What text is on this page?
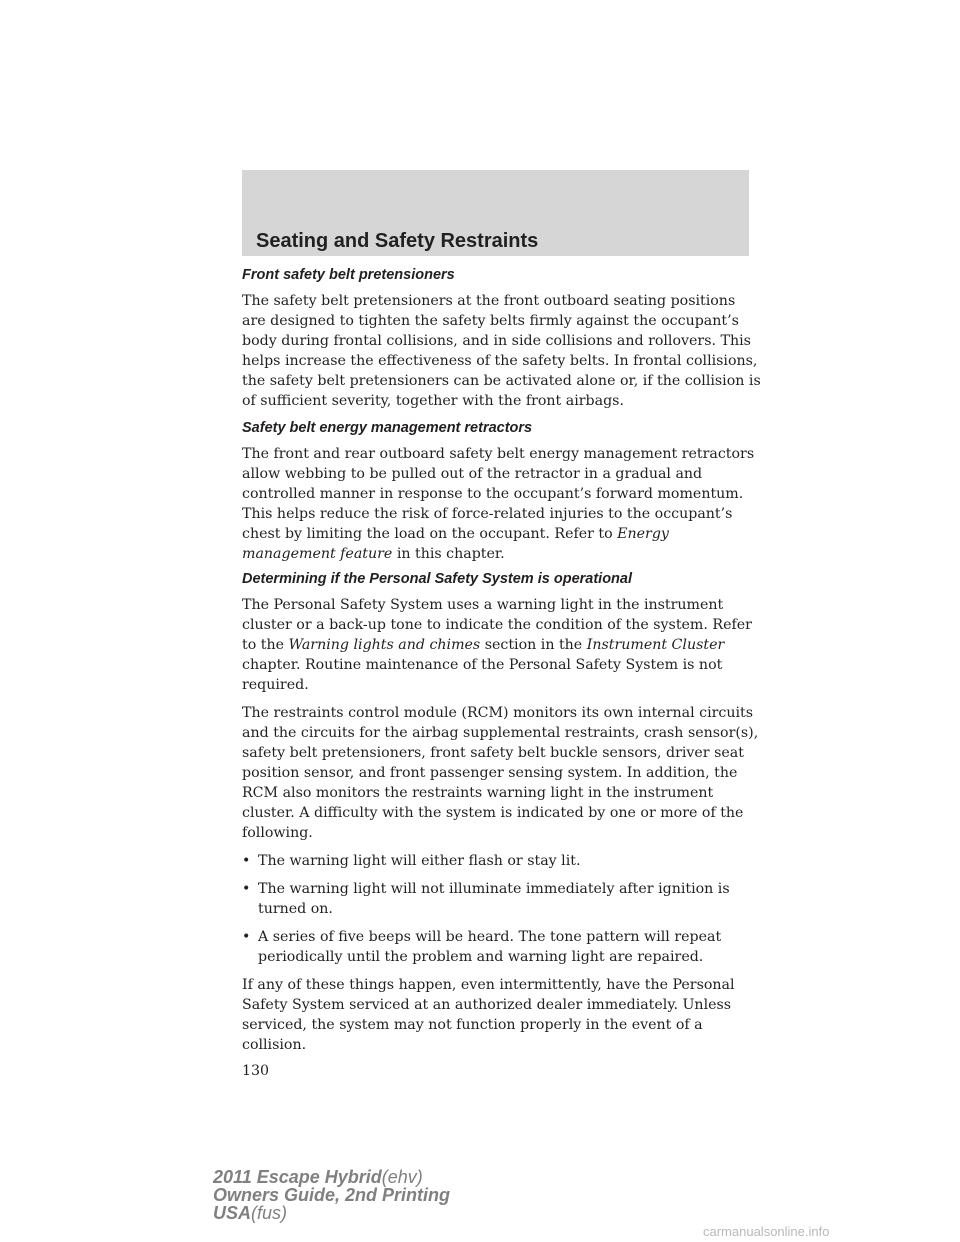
Seating and Safety Restraints
Front safety belt pretensioners

The safety belt pretensioners at the front outboard seating positions are designed to tighten the safety belts firmly against the occupant’s body during frontal collisions, and in side collisions and rollovers. This helps increase the effectiveness of the safety belts. In frontal collisions, the safety belt pretensioners can be activated alone or, if the collision is of sufficient severity, together with the front airbags.

Safety belt energy management retractors

The front and rear outboard safety belt energy management retractors allow webbing to be pulled out of the retractor in a gradual and controlled manner in response to the occupant’s forward momentum. This helps reduce the risk of force-related injuries to the occupant’s chest by limiting the load on the occupant. Refer to Energy management feature in this chapter.

Determining if the Personal Safety System is operational

The Personal Safety System uses a warning light in the instrument cluster or a back-up tone to indicate the condition of the system. Refer to the Warning lights and chimes section in the Instrument Cluster chapter. Routine maintenance of the Personal Safety System is not required.

The restraints control module (RCM) monitors its own internal circuits and the circuits for the airbag supplemental restraints, crash sensor(s), safety belt pretensioners, front safety belt buckle sensors, driver seat position sensor, and front passenger sensing system. In addition, the RCM also monitors the restraints warning light in the instrument cluster. A difficulty with the system is indicated by one or more of the following.

• The warning light will either flash or stay lit.
• The warning light will not illuminate immediately after ignition is turned on.
• A series of five beeps will be heard. The tone pattern will repeat periodically until the problem and warning light are repaired.

If any of these things happen, even intermittently, have the Personal Safety System serviced at an authorized dealer immediately. Unless serviced, the system may not function properly in the event of a collision.

130
2011 Escape Hybrid(ehv)
Owners Guide, 2nd Printing
USA(fus)
carmanualsonline.info
